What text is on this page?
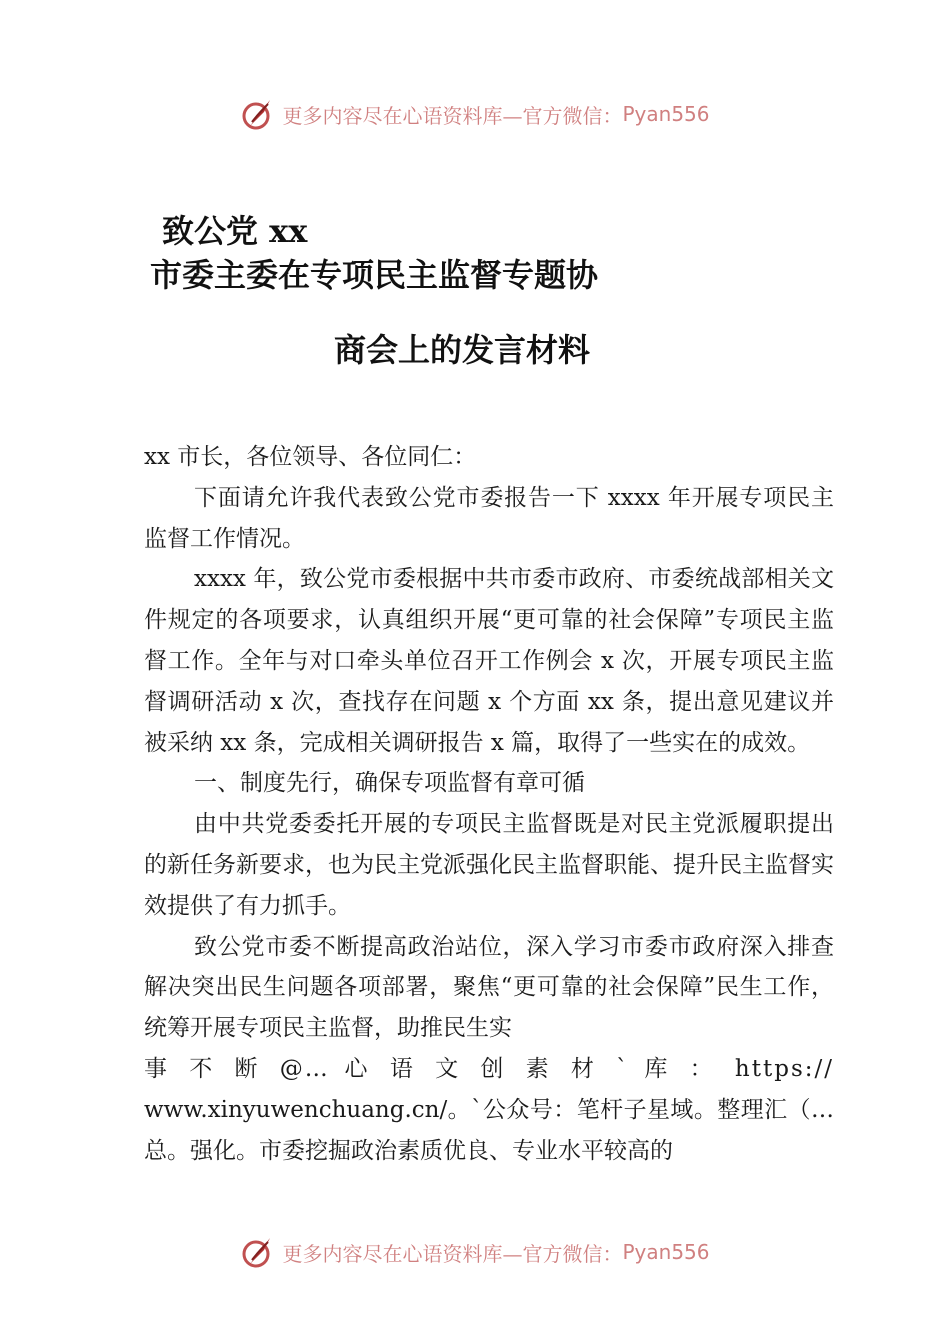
更多内容尽在心语资料库—官方微信： Pyan556
致公党 xx
市委主委在专项民主监督专题协
商会上的发言材料

xx 市长，各位领导、各位同仁：

下面请允许我代表致公党市委报告一下 xxxx 年开展专项民主监督工作情况。

xxxx 年，致公党市委根据中共市委市政府、市委统战部相关文件规定的各项要求，认真组织开展“更可靠的社会保障”专项民主监督工作。全年与对口牵头单位召开工作例会 x 次，开展专项民主监督调研活动 x 次，查找存在问题 x 个方面 xx 条，提出意见建议并被采纳 xx 条，完成相关调研报告 x 篇，取得了一些实在的成效。

一、制度先行，确保专项监督有章可循

由中共党委委托开展的专项民主监督既是对民主党派履职提出的新任务新要求，也为民主党派强化民主监督职能、提升民主监督实效提供了有力抓手。

致公党市委不断提高政治站位，深入学习市委市政府深入排查解决突出民生问题各项部署，聚焦“更可靠的社会保障”民生工作，统筹开展专项民主监督，助推民生实

事 不 断 @… 心 语 文 创 素 材 ` 库 ： https://

www.xinyuwenchuang.cn/。`公众号：笔杆子星域。整理汇（…总。强化。市委挖掘政治素质优良、专业水平较高的

更多内容尽在心语资料库—官方微信： Pyan556
